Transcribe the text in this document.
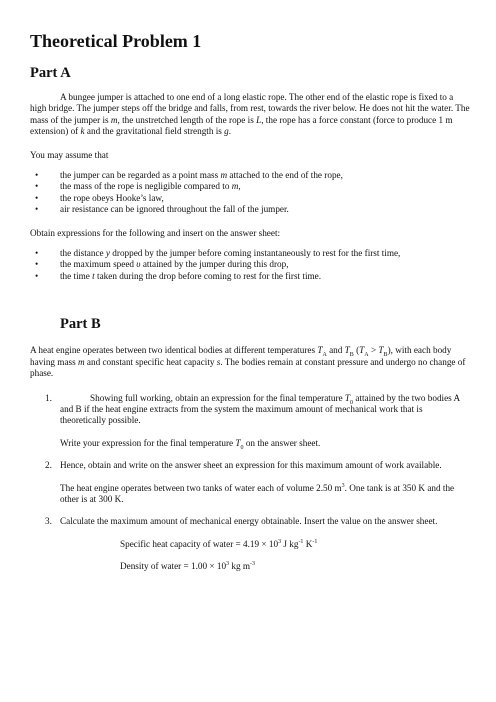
Theoretical Problem 1
Part A

A bungee jumper is attached to one end of a long elastic rope. The other end of the elastic rope is fixed to a high bridge. The jumper steps off the bridge and falls, from rest, towards the river below. He does not hit the water. The mass of the jumper is m, the unstretched length of the rope is L, the rope has a force constant (force to produce 1 m extension) of k and the gravitational field strength is g.

You may assume that

• the jumper can be regarded as a point mass m attached to the end of the rope,
• the mass of the rope is negligible compared to m,
• the rope obeys Hooke’s law,
• air resistance can be ignored throughout the fall of the jumper.

Obtain expressions for the following and insert on the answer sheet:

• the distance y dropped by the jumper before coming instantaneously to rest for the first time,
• the maximum speed υ attained by the jumper during this drop,
• the time t taken during the drop before coming to rest for the first time.
Part B

A heat engine operates between two identical bodies at different temperatures $T_A$ and $T_B$ $(T_A > T_B)$, with each body having mass m and constant specific heat capacity s. The bodies remain at constant pressure and undergo no change of phase.

1.	Showing full working, obtain an expression for the final temperature $T_0$ attained by the two bodies A and B if the heat engine extracts from the system the maximum amount of mechanical work that is theoretically possible.

Write your expression for the final temperature $T_0$ on the answer sheet.

2. Hence, obtain and write on the answer sheet an expression for this maximum amount of work available.

The heat engine operates between two tanks of water each of volume 2.50 $m^3$. One tank is at 350 K and the other is at 300 K.

3. Calculate the maximum amount of mechanical energy obtainable. Insert the value on the answer sheet.

Specific heat capacity of water = $4.19 \times 10^3$ J $kg^{-1}$ $K^{-1}$

Density of water = $1.00 \times 10^3$ kg $m^{-3}$
